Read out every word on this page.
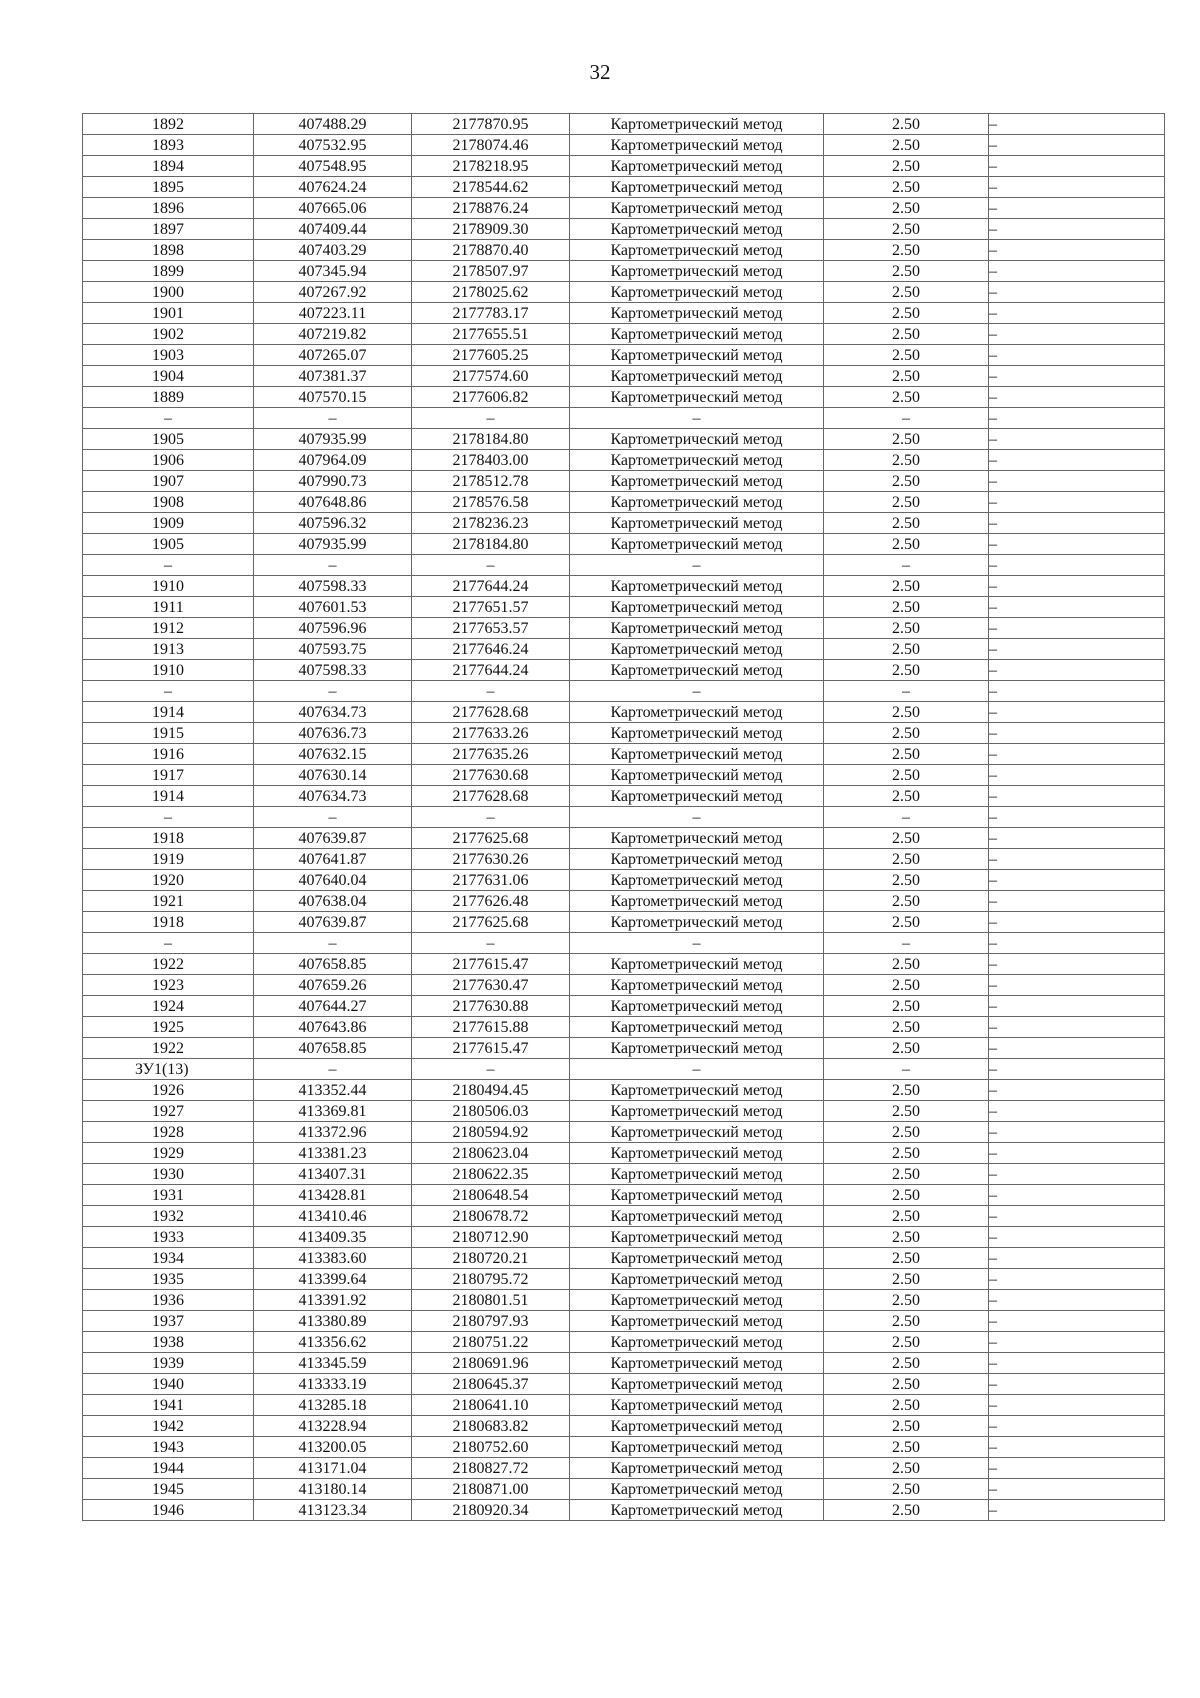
32
1892	407488.29	2177870.95	Картометрический метод	2.50	–
1893	407532.95	2178074.46	Картометрический метод	2.50	–
1894	407548.95	2178218.95	Картометрический метод	2.50	–
1895	407624.24	2178544.62	Картометрический метод	2.50	–
1896	407665.06	2178876.24	Картометрический метод	2.50	–
1897	407409.44	2178909.30	Картометрический метод	2.50	–
1898	407403.29	2178870.40	Картометрический метод	2.50	–
1899	407345.94	2178507.97	Картометрический метод	2.50	–
1900	407267.92	2178025.62	Картометрический метод	2.50	–
1901	407223.11	2177783.17	Картометрический метод	2.50	–
1902	407219.82	2177655.51	Картометрический метод	2.50	–
1903	407265.07	2177605.25	Картометрический метод	2.50	–
1904	407381.37	2177574.60	Картометрический метод	2.50	–
1889	407570.15	2177606.82	Картометрический метод	2.50	–
–	–	–	–	–	–
1905	407935.99	2178184.80	Картометрический метод	2.50	–
1906	407964.09	2178403.00	Картометрический метод	2.50	–
1907	407990.73	2178512.78	Картометрический метод	2.50	–
1908	407648.86	2178576.58	Картометрический метод	2.50	–
1909	407596.32	2178236.23	Картометрический метод	2.50	–
1905	407935.99	2178184.80	Картометрический метод	2.50	–
–	–	–	–	–	–
1910	407598.33	2177644.24	Картометрический метод	2.50	–
1911	407601.53	2177651.57	Картометрический метод	2.50	–
1912	407596.96	2177653.57	Картометрический метод	2.50	–
1913	407593.75	2177646.24	Картометрический метод	2.50	–
1910	407598.33	2177644.24	Картометрический метод	2.50	–
–	–	–	–	–	–
1914	407634.73	2177628.68	Картометрический метод	2.50	–
1915	407636.73	2177633.26	Картометрический метод	2.50	–
1916	407632.15	2177635.26	Картометрический метод	2.50	–
1917	407630.14	2177630.68	Картометрический метод	2.50	–
1914	407634.73	2177628.68	Картометрический метод	2.50	–
–	–	–	–	–	–
1918	407639.87	2177625.68	Картометрический метод	2.50	–
1919	407641.87	2177630.26	Картометрический метод	2.50	–
1920	407640.04	2177631.06	Картометрический метод	2.50	–
1921	407638.04	2177626.48	Картометрический метод	2.50	–
1918	407639.87	2177625.68	Картометрический метод	2.50	–
–	–	–	–	–	–
1922	407658.85	2177615.47	Картометрический метод	2.50	–
1923	407659.26	2177630.47	Картометрический метод	2.50	–
1924	407644.27	2177630.88	Картометрический метод	2.50	–
1925	407643.86	2177615.88	Картометрический метод	2.50	–
1922	407658.85	2177615.47	Картометрический метод	2.50	–
ЗУ1(13)	–	–	–	–	–
1926	413352.44	2180494.45	Картометрический метод	2.50	–
1927	413369.81	2180506.03	Картометрический метод	2.50	–
1928	413372.96	2180594.92	Картометрический метод	2.50	–
1929	413381.23	2180623.04	Картометрический метод	2.50	–
1930	413407.31	2180622.35	Картометрический метод	2.50	–
1931	413428.81	2180648.54	Картометрический метод	2.50	–
1932	413410.46	2180678.72	Картометрический метод	2.50	–
1933	413409.35	2180712.90	Картометрический метод	2.50	–
1934	413383.60	2180720.21	Картометрический метод	2.50	–
1935	413399.64	2180795.72	Картометрический метод	2.50	–
1936	413391.92	2180801.51	Картометрический метод	2.50	–
1937	413380.89	2180797.93	Картометрический метод	2.50	–
1938	413356.62	2180751.22	Картометрический метод	2.50	–
1939	413345.59	2180691.96	Картометрический метод	2.50	–
1940	413333.19	2180645.37	Картометрический метод	2.50	–
1941	413285.18	2180641.10	Картометрический метод	2.50	–
1942	413228.94	2180683.82	Картометрический метод	2.50	–
1943	413200.05	2180752.60	Картометрический метод	2.50	–
1944	413171.04	2180827.72	Картометрический метод	2.50	–
1945	413180.14	2180871.00	Картометрический метод	2.50	–
1946	413123.34	2180920.34	Картометрический метод	2.50	–
